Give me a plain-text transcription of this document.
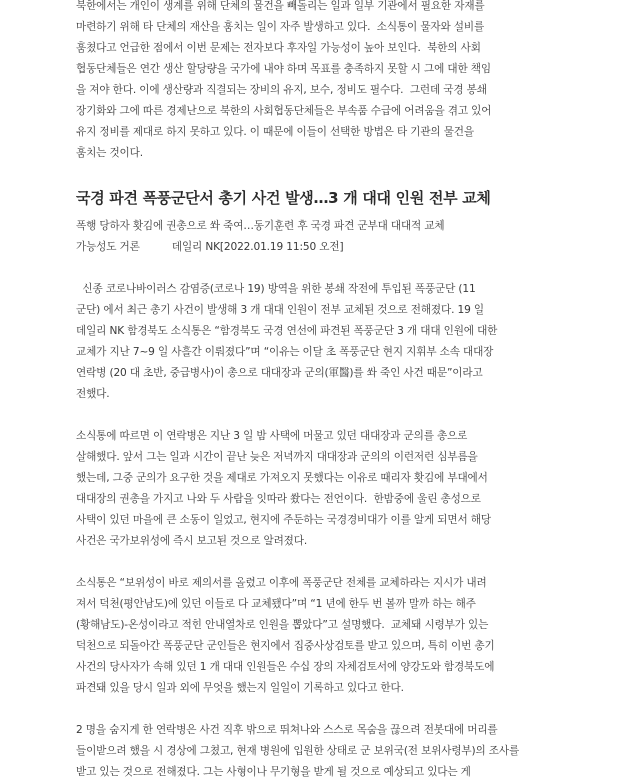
북한에서는 개인이 생계를 위해 단체의 물건을 빼돌리는 일과 일부 기관에서 필요한 자재를
마련하기 위해 타 단체의 재산을 훔치는 일이 자주 발생하고 있다.  소식통이 물자와 설비를
훔쳤다고 언급한 점에서 이번 문제는 전자보다 후자일 가능성이 높아 보인다.  북한의 사회
협동단체들은 연간 생산 할당량을 국가에 내야 하며 목표를 충족하지 못할 시 그에 대한 책임
을 져야 한다. 이에 생산량과 직결되는 장비의 유지, 보수, 정비도 필수다.  그런데 국경 봉쇄
장기화와 그에 따른 경제난으로 북한의 사회협동단체들은 부속품 수급에 어려움을 겪고 있어
유지 정비를 제대로 하지 못하고 있다. 이 때문에 이들이 선택한 방법은 타 기관의 물건을
훔치는 것이다.
국경 파견 폭풍군단서 총기 사건 발생…3 개 대대 인원 전부 교체
폭행 당하자 홧김에 권총으로 쏴 죽여…동기훈련 후 국경 파견 군부대 대대적 교체
가능성도 거론          데일리 NK[2022.01.19 11:50 오전]
신종 코로나바이러스 감염증(코로나 19) 방역을 위한 봉쇄 작전에 투입된 폭풍군단 (11
군단) 에서 최근 총기 사건이 발생해 3 개 대대 인원이 전부 교체된 것으로 전해졌다. 19 일
데일리 NK 함경북도 소식통은 “함경북도 국경 연선에 파견된 폭풍군단 3 개 대대 인원에 대한
교체가 지난 7~9 일 사흘간 이뤄졌다”며 “이유는 이달 초 폭풍군단 현지 지휘부 소속 대대장
연락병 (20 대 초반, 중급병사)이 총으로 대대장과 군의(軍醫)를 쏴 죽인 사건 때문”이라고
전했다.
소식통에 따르면 이 연락병은 지난 3 일 밤 사택에 머물고 있던 대대장과 군의를 총으로
살해했다. 앞서 그는 일과 시간이 끝난 늦은 저녁까지 대대장과 군의의 이런저런 심부름을
했는데, 그중 군의가 요구한 것을 제대로 가져오지 못했다는 이유로 때리자 홧김에 부대에서
대대장의 권총을 가지고 나와 두 사람을 잇따라 쐈다는 전언이다.  한밤중에 울린 총성으로
사택이 있던 마을에 큰 소동이 일었고, 현지에 주둔하는 국경경비대가 이를 알게 되면서 해당
사건은 국가보위성에 즉시 보고된 것으로 알려졌다.
소식통은 “보위성이 바로 제의서를 올렸고 이후에 폭풍군단 전체를 교체하라는 지시가 내려
져서 덕천(평안남도)에 있던 이들로 다 교체됐다”며 “1 년에 한두 번 볼까 말까 하는 해주
(황해남도)-온성이라고 적힌 안내열차로 인원을 뽑았다”고 설명했다.  교체돼 시령부가 있는
덕천으로 되돌아간 폭풍군단 군인들은 현지에서 집중사상검토를 받고 있으며, 특히 이번 총기
사건의 당사자가 속해 있던 1 개 대대 인원들은 수십 장의 자체검토서에 양강도와 함경북도에
파견돼 있을 당시 일과 외에 무엇을 했는지 일일이 기록하고 있다고 한다.
2 명을 숨지게 한 연락병은 사건 직후 밖으로 뛰쳐나와 스스로 목숨을 끊으려 전봇대에 머리를
들이받으려 했을 시 경상에 그쳤고, 현재 병원에 입원한 상태로 군 보위국(전 보위사령부)의 조사를
받고 있는 것으로 전해졌다. 그는 사형이나 무기형을 받게 될 것으로 예상되고 있다는 게
